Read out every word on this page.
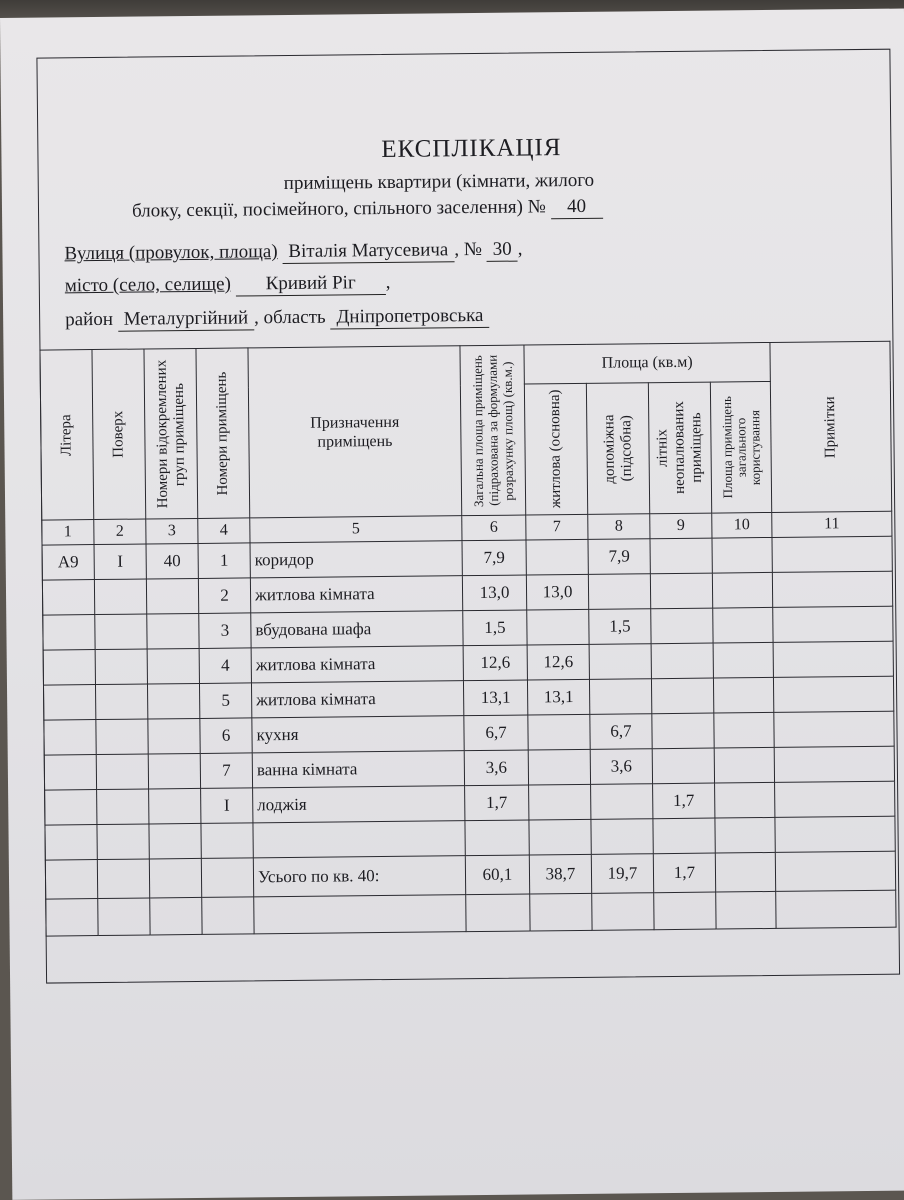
ЕКСПЛІКАЦІЯ
приміщень квартири (кімнати, жилого
блоку, секції, посімейного, спільного заселення) № 40
Вулиця (провулок, площа) Віталія Матусевича , № 30 ,
місто (село, селище) Кривий Ріг ,
район Металургійний , область Дніпропетровська
Літера	Поверх	Номери відокремлених груп приміщень	Номери приміщень	Призначення приміщень	Загальна площа приміщень (підрахована за формулами розрахунку площ) (кв.м.)	Площа (кв.м)				Примітки

						житлова (основна)	допоміжна (підсобна)	літніх неопалюваних приміщень	Площа приміщень загального користування	

1	2	3	4	5	6	7	8	9	10	11
А9	І	40	1	коридор	7,9		7,9			
			2	житлова кімната	13,0	13,0				
			3	вбудована шафа	1,5		1,5			
			4	житлова кімната	12,6	12,6				
			5	житлова кімната	13,1	13,1				
			6	кухня	6,7		6,7			
			7	ванна кімната	3,6		3,6			
			І	лоджія	1,7			1,7		

				Усього по кв. 40:	60,1	38,7	19,7	1,7		
